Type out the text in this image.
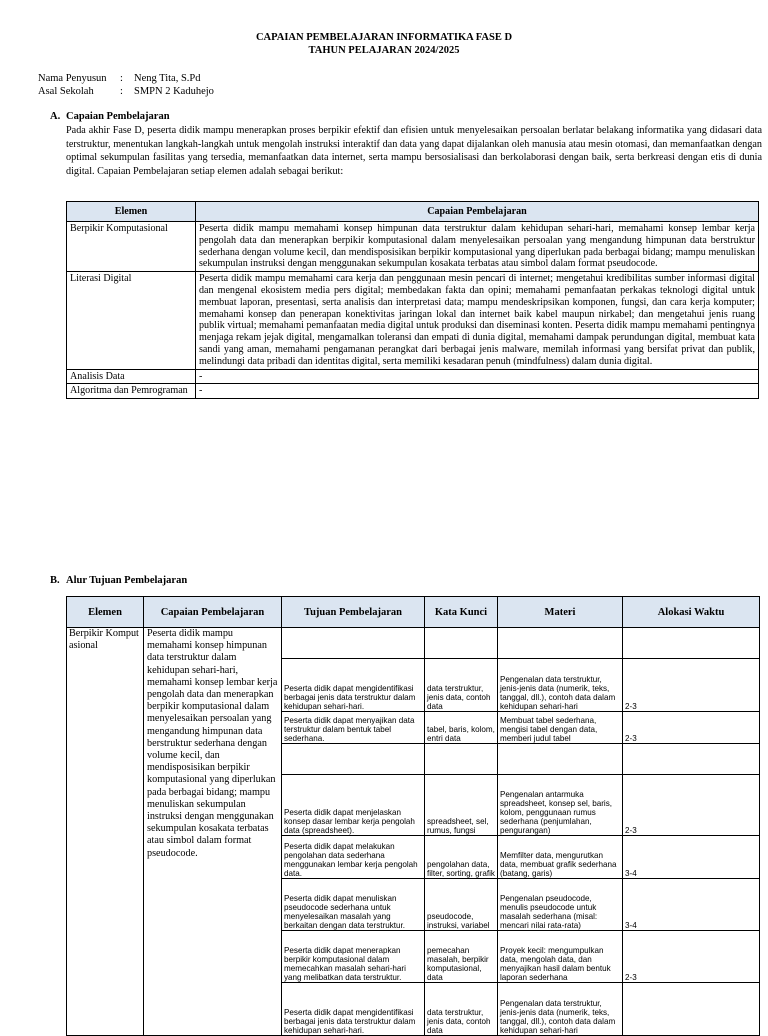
CAPAIAN PEMBELAJARAN INFORMATIKA FASE D
TAHUN PELAJARAN 2024/2025
Nama Penyusun	:	Neng Tita, S.Pd
Asal Sekolah	:	SMPN 2 Kaduhejo
A. Capaian Pembelajaran
Pada akhir Fase D, peserta didik mampu menerapkan proses berpikir efektif dan efisien untuk menyelesaikan persoalan berlatar belakang informatika yang didasari data terstruktur, menentukan langkah-langkah untuk mengolah instruksi interaktif dan data yang dapat dijalankan oleh manusia atau mesin otomasi, dan memanfaatkan dengan optimal sekumpulan fasilitas yang tersedia, memanfaatkan data internet, serta mampu bersosialisasi dan berkolaborasi dengan baik, serta berkreasi dengan etis di dunia digital. Capaian Pembelajaran setiap elemen adalah sebagai berikut:
Elemen	Capaian Pembelajaran
Berpikir Komputasional	Peserta didik mampu memahami konsep himpunan data terstruktur dalam kehidupan sehari-hari, memahami konsep lembar kerja pengolah data dan menerapkan berpikir komputasional dalam menyelesaikan persoalan yang mengandung himpunan data berstruktur sederhana dengan volume kecil, dan mendisposisikan berpikir komputasional yang diperlukan pada berbagai bidang; mampu menuliskan sekumpulan instruksi dengan menggunakan sekumpulan kosakata terbatas atau simbol dalam format pseudocode.
Literasi Digital	Peserta didik mampu memahami cara kerja dan penggunaan mesin pencari di internet; mengetahui kredibilitas sumber informasi digital dan mengenal ekosistem media pers digital; membedakan fakta dan opini; memahami pemanfaatan perkakas teknologi digital untuk membuat laporan, presentasi, serta analisis dan interpretasi data; mampu mendeskripsikan komponen, fungsi, dan cara kerja komputer; memahami konsep dan penerapan konektivitas jaringan lokal dan internet baik kabel maupun nirkabel; dan mengetahui jenis ruang publik virtual; memahami pemanfaatan media digital untuk produksi dan diseminasi konten. Peserta didik mampu memahami pentingnya menjaga rekam jejak digital, mengamalkan toleransi dan empati di dunia digital, memahami dampak perundungan digital, membuat kata sandi yang aman, memahami pengamanan perangkat dari berbagai jenis malware, memilah informasi yang bersifat privat dan publik, melindungi data pribadi dan identitas digital, serta memiliki kesadaran penuh (mindfulness) dalam dunia digital.
Analisis Data	-
Algoritma dan Pemrograman	-
B. Alur Tujuan Pembelajaran
Elemen	Capaian Pembelajaran	Tujuan Pembelajaran	Kata Kunci	Materi	Alokasi Waktu
Berpikir Komputasional	Peserta didik mampu memahami konsep himpunan data terstruktur dalam kehidupan sehari-hari, memahami konsep lembar kerja pengolah data dan menerapkan berpikir komputasional dalam menyelesaikan persoalan yang mengandung himpunan data berstruktur sederhana dengan volume kecil, dan mendisposisikan berpikir komputasional yang diperlukan pada berbagai bidang; mampu menuliskan sekumpulan instruksi dengan menggunakan sekumpulan kosakata terbatas atau simbol dalam format pseudocode.				
		Peserta didik dapat mengidentifikasi berbagai jenis data terstruktur dalam kehidupan sehari-hari.	data terstruktur, jenis data, contoh data	Pengenalan data terstruktur, jenis-jenis data (numerik, teks, tanggal, dll.), contoh data dalam kehidupan sehari-hari	2-3
		Peserta didik dapat menyajikan data terstruktur dalam bentuk tabel sederhana.	tabel, baris, kolom, entri data	Membuat tabel sederhana, mengisi tabel dengan data, memberi judul tabel	2-3

		Peserta didik dapat menjelaskan konsep dasar lembar kerja pengolah data (spreadsheet).	spreadsheet, sel, rumus, fungsi	Pengenalan antarmuka spreadsheet, konsep sel, baris, kolom, penggunaan rumus sederhana (penjumlahan, pengurangan)	2-3
		Peserta didik dapat melakukan pengolahan data sederhana menggunakan lembar kerja pengolah data.	pengolahan data, filter, sorting, grafik	Memfilter data, mengurutkan data, membuat grafik sederhana (batang, garis)	3-4
		Peserta didik dapat menuliskan pseudocode sederhana untuk menyelesaikan masalah yang berkaitan dengan data terstruktur.	pseudocode, instruksi, variabel	Pengenalan pseudocode, menulis pseudocode untuk masalah sederhana (misal: mencari nilai rata-rata)	3-4
		Peserta didik dapat menerapkan berpikir komputasional dalam memecahkan masalah sehari-hari yang melibatkan data terstruktur.	pemecahan masalah, berpikir komputasional, data	Proyek kecil: mengumpulkan data, mengolah data, dan menyajikan hasil dalam bentuk laporan sederhana	2-3
		Peserta didik dapat mengidentifikasi berbagai jenis data terstruktur dalam kehidupan sehari-hari.	data terstruktur, jenis data, contoh data	Pengenalan data terstruktur, jenis-jenis data (numerik, teks, tanggal, dll.), contoh data dalam kehidupan sehari-hari	
